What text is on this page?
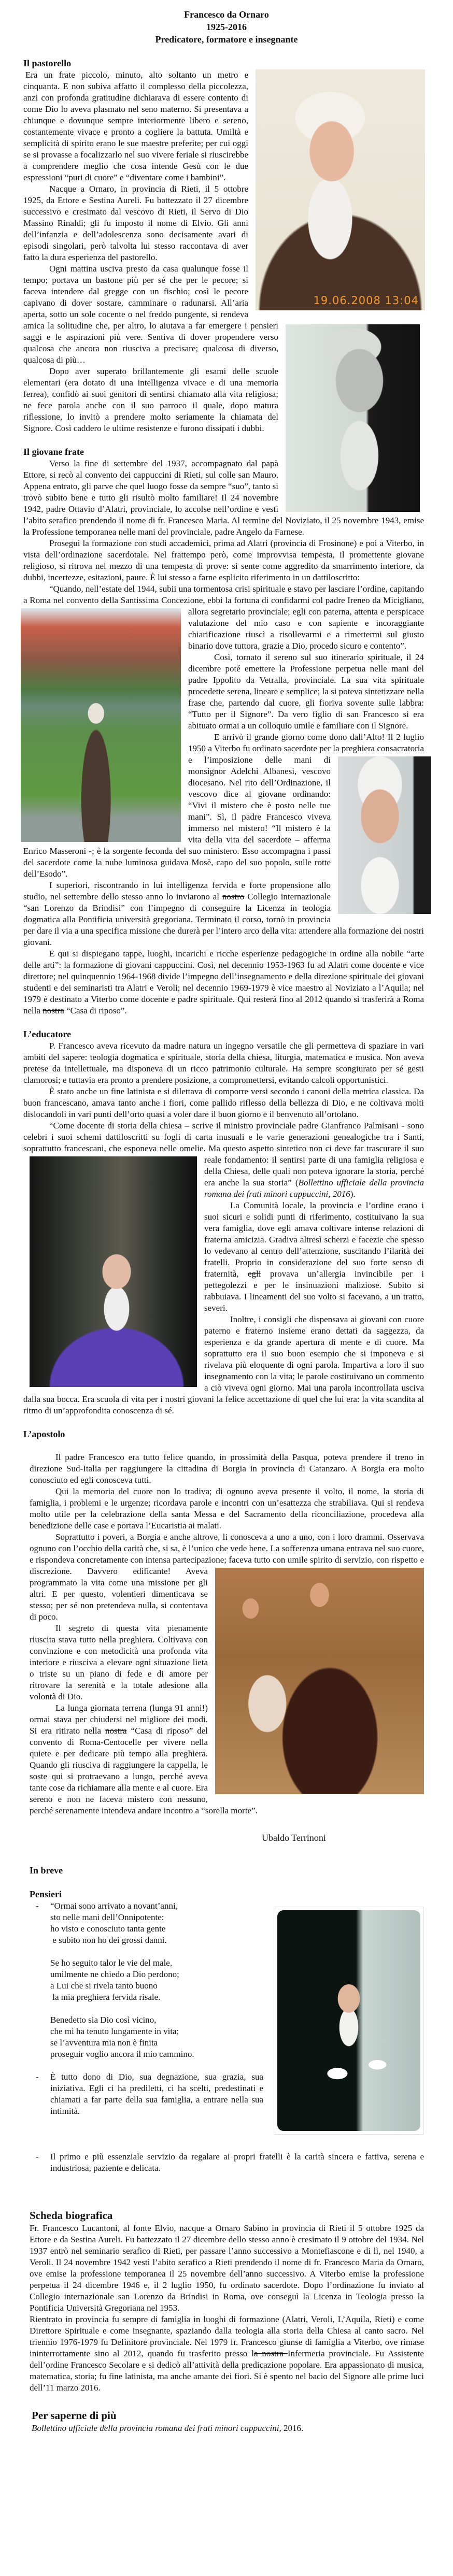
Francesco da Ornaro
1925-2016
Predicatore, formatore e insegnante
Il pastorello
19.06.2008 13:04

Era un frate piccolo, minuto, alto soltanto un metro e cinquanta. E non subiva affatto il complesso della piccolezza, anzi con profonda gratitudine dichiarava di essere contento di come Dio lo aveva plasmato nel seno materno. Si presentava a chiunque e dovunque sempre interiormente libero e sereno, costantemente vivace e pronto a cogliere la battuta. Umiltà e semplicità di spirito erano le sue maestre preferite; per cui oggi se si provasse a focalizzarlo nel suo vivere feriale si riuscirebbe a comprendere meglio che cosa intende Gesù con le due espressioni “puri di cuore” e “diventare come i bambini”.

Nacque a Ornaro, in provincia di Rieti, il 5 ottobre 1925, da Ettore e Sestina Aureli. Fu battezzato il 27 dicembre successivo e cresimato dal vescovo di Rieti, il Servo di Dio Massino Rinaldi; gli fu imposto il nome di Elvio. Gli anni dell’infanzia e dell’adolescenza sono decisamente avari di episodi singolari, però talvolta lui stesso raccontava di aver fatto la dura esperienza del pastorello.

Ogni mattina usciva presto da casa qualunque fosse il tempo; portava un bastone più per sé che per le pecore; si faceva intendere dal gregge con un fischio; così le pecore capivano di dover sostare, camminare o radunarsi. All’aria aperta, sotto un sole cocente o nel freddo pungente, si
rendeva amica la solitudine che, per altro, lo aiutava a far emergere i pensieri saggi e le aspirazioni più vere. Sentiva di dover propendere verso qualcosa che ancora non riusciva a precisare; qualcosa di diverso, qualcosa di più…

Dopo aver superato brillantemente gli esami delle scuole elementari (era dotato di una intelligenza vivace e di una memoria ferrea), confidò ai suoi genitori di sentirsi chiamato alla vita religiosa; ne fece parola anche con il suo parroco il quale, dopo matura riflessione, lo invitò a prendere molto seriamente la chiamata del Signore. Così caddero le ultime resistenze e furono dissipati i dubbi.

Il giovane frate

Verso la fine di settembre del 1937, accompagnato dal papà Ettore, si recò al convento dei cappuccini di Rieti, sul colle san Mauro. Appena entrato, gli parve che quel luogo fosse da sempre “suo”, tanto si trovò subito bene e tutto gli risultò molto familiare! Il 24 novembre 1942, padre Ottavio d’Alatri, provinciale, lo accolse nell’ordine e vestì l’abito serafico prendendo il nome di fr. Francesco Maria. Al termine del Noviziato, il 25 novembre 1943, emise la Professione temporanea nelle mani del provinciale, padre Angelo da Farnese.

Proseguì la formazione con studi accademici, prima ad Alatri (provincia di Frosinone) e poi a Viterbo, in vista dell’ordinazione sacerdotale. Nel frattempo però, come improvvisa tempesta, il promettente giovane religioso, si ritrova nel mezzo di una tempesta di prove: si sente come aggredito da smarrimento interiore, da dubbi, incertezze, esitazioni, paure. È lui stesso a farne esplicito riferimento in un dattiloscritto:

“Quando, nell’estate del 1944, subii una tormentosa crisi spirituale e stavo per lasciare l’ordine, capitando a Roma nel convento della Santissima Concezione, ebbi la fortuna di
confidarmi col padre Ireneo da Micigliano, allora segretario provinciale; egli con paterna, attenta e perspicace valutazione del mio caso e con sapiente e incoraggiante chiarificazione riuscì a risollevarmi e a rimettermi sul giusto binario dove tuttora, grazie a Dio, procedo sicuro e contento”.

Così, tornato il sereno sul suo itinerario spirituale, il 24 dicembre poté emettere la Professione perpetua nelle mani del padre Ippolito da Vetralla, provinciale. La sua vita spirituale procedette serena, lineare e semplice; la si poteva sintetizzare nella frase che, partendo dal cuore, gli fioriva sovente sulle labbra: “Tutto per il Signore”. Da vero figlio di san Francesco si era abituato ormai a un colloquio umile e familiare con il Signore.

E arrivò il grande giorno come dono dall’Alto! Il 2 luglio 1950 a Viterbo fu ordinato sacerdote per la
preghiera consacratoria e l’imposizione delle mani di monsignor Adelchi Albanesi, vescovo diocesano. Nel rito dell’Ordinazione, il vescovo dice al giovane ordinando: “Vivi il mistero che è posto nelle tue mani”. Sì, il padre Francesco viveva immerso nel mistero! “Il mistero è la vita della vita del sacerdote – afferma Enrico Masseroni -; è la sorgente feconda del suo ministero. Esso accompagna i passi del sacerdote come la nube luminosa guidava Mosè, capo del suo popolo, sulle rotte dell’Esodo”.

I superiori, riscontrando in lui intelligenza fervida e forte propensione allo studio, nel settembre dello stesso anno lo inviarono al nostro Collegio internazionale “san Lorenzo da Brindisi” con l’impegno di conseguire la Licenza in teologia dogmatica alla Pontificia università gregoriana. Terminato il corso, tornò in provincia per dare il via a una specifica missione che durerà per l’intero arco della vita: attendere alla formazione dei nostri giovani.

E qui si dispiegano tappe, luoghi, incarichi e ricche esperienze pedagogiche in ordine alla nobile “arte delle arti”: la formazione di giovani cappuccini. Così, nel decennio 1953-1963 fu ad Alatri come docente e vice direttore; nel quinquennio 1964-1968 divide l’impegno dell’insegnamento e della direzione spirituale dei giovani studenti e dei seminaristi tra Alatri e Veroli; nel decennio 1969-1979 è vice maestro al Noviziato a l’Aquila; nel 1979 è destinato a Viterbo come docente e padre spirituale. Qui resterà fino al 2012 quando si trasferirà a Roma nella nostra “Casa di riposo”.

L’educatore

P. Francesco aveva ricevuto da madre natura un ingegno versatile che gli permetteva di spaziare in vari ambiti del sapere: teologia dogmatica e spirituale, storia della chiesa, liturgia, matematica e musica. Non aveva pretese da intellettuale, ma disponeva di un ricco patrimonio culturale. Ha sempre scongiurato per sé gesti clamorosi; e tuttavia era pronto a prendere posizione, a compromettersi, evitando calcoli opportunistici.

È stato anche un fine latinista e si dilettava di comporre versi secondo i canoni della metrica classica. Da buon francescano, amava tanto anche i fiori, come pallido riflesso della bellezza di Dio, e ne coltivava molti dislocandoli in vari punti dell’orto quasi a voler dare il buon giorno e il benvenuto all’ortolano.

“Come docente di storia della chiesa – scrive il ministro provinciale padre Gianfranco Palmisani - sono celebri i suoi schemi dattiloscritti su fogli di carta inusuali e le varie generazioni genealogiche tra i Santi, soprattutto francescani, che esponeva nelle omelie. Ma questo aspetto
sintetico non ci deve far trascurare il suo reale fondamento: il sentirsi parte di una famiglia religiosa e della Chiesa, delle quali non poteva ignorare la storia, perché era anche la sua storia” (Bollettino ufficiale della provincia romana dei frati minori cappuccini, 2016).

La Comunità locale, la provincia e l’ordine erano i suoi sicuri e solidi punti di riferimento, costituivano la sua vera famiglia, dove egli amava coltivare intense relazioni di fraterna amicizia. Gradiva altresì scherzi e facezie che spesso lo vedevano al centro dell’attenzione, suscitando l’ilarità dei fratelli. Proprio in considerazione del suo forte senso di fraternità, egli provava un’allergia invincibile per i pettegolezzi e per le insinuazioni maliziose. Subito si rabbuiava. I lineamenti del suo volto si facevano, a un tratto, severi.

Inoltre, i consigli che dispensava ai giovani con cuore paterno e fraterno insieme erano dettati da saggezza, da esperienza e da grande apertura di mente e di cuore. Ma soprattutto era il suo buon esempio che si imponeva e si rivelava più eloquente di ogni parola. Impartiva a loro il suo insegnamento con la vita; le parole costituivano un commento a ciò viveva ogni giorno. Mai una parola incontrollata usciva dalla sua bocca. Era scuola di vita per i nostri giovani la felice accettazione di quel che lui era: la vita scandita al ritmo di un’approfondita conoscenza di sé.

L’apostolo

Il padre Francesco era tutto felice quando, in prossimità della Pasqua, poteva prendere il treno in direzione Sud-Italia per raggiungere la cittadina di Borgia in provincia di Catanzaro. A Borgia era molto conosciuto ed egli conosceva tutti.

Qui la memoria del cuore non lo tradiva; di ognuno aveva presente il volto, il nome, la storia di famiglia, i problemi e le urgenze; ricordava parole e incontri con un’esattezza che strabiliava. Qui si rendeva molto utile per la celebrazione della santa Messa e del Sacramento della riconciliazione, procedeva alla benedizione delle case e portava l’Eucaristia ai malati.

Soprattutto i poveri, a Borgia e anche altrove, li conosceva a uno a uno, con i loro drammi. Osservava ognuno con l’occhio della carità che, si sa, è l’unico che vede bene. La sofferenza umana entrava nel suo cuore, e rispondeva concretamente con intensa partecipazione; faceva
tutto con umile spirito di servizio, con rispetto e discrezione. Davvero edificante! Aveva programmato la vita come una missione per gli altri. E per questo, volentieri dimenticava se stesso; per sé non pretendeva nulla, si contentava di poco.

Il segreto di questa vita pienamente riuscita stava tutto nella preghiera. Coltivava con convinzione e con metodicità una profonda vita interiore e riusciva a elevare ogni situazione lieta o triste su un piano di fede e di amore per ritrovare la serenità e la totale adesione alla volontà di Dio.

La lunga giornata terrena (lunga 91 anni!) ormai stava per chiudersi nel migliore dei modi. Si era ritirato nella nostra “Casa di riposo” del convento di Roma-Centocelle per vivere nella quiete e per dedicare più tempo alla preghiera. Quando gli riusciva di raggiungere la cappella, le soste qui si protraevano a lungo, perché aveva tante cose da richiamare alla mente e al cuore. Era sereno e non ne faceva mistero con nessuno, perché serenamente intendeva andare incontro a “sorella morte”.

Ubaldo Terrinoni
In breve
Pensieri
- “Ormai sono arrivato a novant’anni,
sto nelle mani dell’Onnipotente:
ho visto e conosciuto tanta gente
e subito non ho dei grossi danni.
Se ho seguito talor le vie del male,
umilmente ne chiedo a Dio perdono;
a Lui che si rivela tanto buono
la mia preghiera fervida risale.
Benedetto sia Dio così vicino,
che mi ha tenuto lungamente in vita;
se l’avventura mia non è finita
proseguir voglio ancora il mio cammino.
- È tutto dono di Dio, sua degnazione, sua grazia, sua iniziativa. Egli ci ha prediletti, ci ha scelti, predestinati e chiamati a far parte della sua famiglia, a entrare nella sua intimità.
- Il primo e più essenziale servizio da regalare ai propri fratelli è la carità sincera e fattiva, serena e industriosa, paziente e delicata.
Scheda biografica

Fr. Francesco Lucantoni, al fonte Elvio, nacque a Ornaro Sabino in provincia di Rieti il 5 ottobre 1925 da Ettore e da Sestina Aureli. Fu battezzato il 27 dicembre dello stesso anno è cresimato il 9 ottobre del 1934. Nel 1937 entrò nel seminario serafico di Rieti, per passare l’anno successivo a Montefiascone e di lì, nel 1940, a Veroli. Il 24 novembre 1942 vestì l’abito serafico a Rieti prendendo il nome di fr. Francesco Maria da Ornaro, ove emise la professione temporanea il 25 novembre dell’anno successivo. A Viterbo emise la professione perpetua il 24 dicembre 1946 e, il 2 luglio 1950, fu ordinato sacerdote. Dopo l’ordinazione fu inviato al Collegio internazionale san Lorenzo da Brindisi in Roma, ove conseguì la Licenza in Teologia presso la Pontificia Università Gregoriana nel 1953.

Rientrato in provincia fu sempre di famiglia in luoghi di formazione (Alatri, Veroli, L’Aquila, Rieti) e come Direttore Spirituale e come insegnante, spaziando dalla teologia alla storia della Chiesa al canto sacro. Nel triennio 1976-1979 fu Definitore provinciale. Nel 1979 fr. Francesco giunse di famiglia a Viterbo, ove rimase ininterrottamente sino al 2012, quando fu trasferito presso la nostra Infermeria provinciale. Fu Assistente dell’ordine Francesco Secolare e si dedicò all’attività della predicazione popolare. Era appassionato di musica, matematica, storia; fu fine latinista, ma anche amante dei fiori. Si è spento nel bacio del Signore alle prime luci dell’11 marzo 2016.

Per saperne di più

Bollettino ufficiale della provincia romana dei frati minori cappuccini, 2016.
